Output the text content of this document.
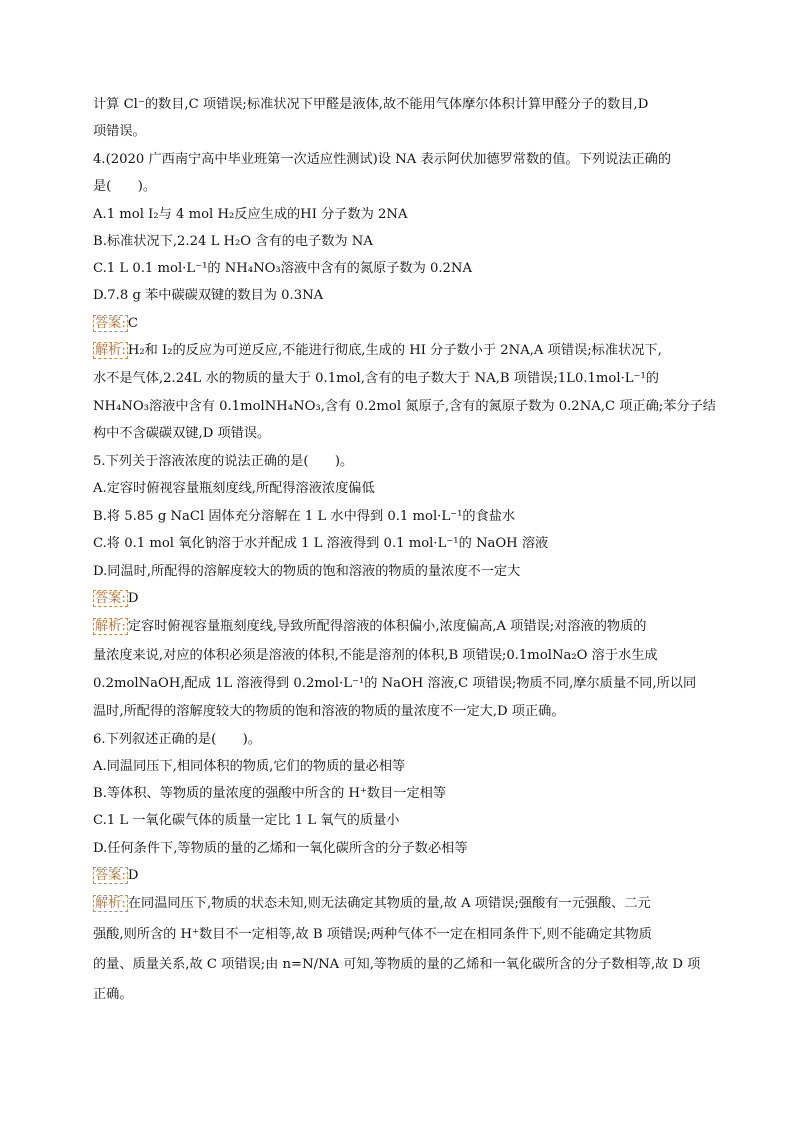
计算 Cl⁻的数目,C 项错误;标准状况下甲醛是液体,故不能用气体摩尔体积计算甲醛分子的数目,D
项错误。
4.(2020 广西南宁高中毕业班第一次适应性测试)设 NA 表示阿伏加德罗常数的值。下列说法正确的
是(　　)。
A.1 mol I₂与 4 mol H₂反应生成的HI 分子数为 2NA
B.标准状况下,2.24 L H₂O 含有的电子数为 NA
C.1 L 0.1 mol·L⁻¹的 NH₄NO₃溶液中含有的氮原子数为 0.2NA
D.7.8 g 苯中碳碳双键的数目为 0.3NA
答案: C
解析: H₂和 I₂的反应为可逆反应,不能进行彻底,生成的 HI 分子数小于 2NA,A 项错误;标准状况下,
水不是气体,2.24L 水的物质的量大于 0.1mol,含有的电子数大于 NA,B 项错误;1L0.1mol·L⁻¹的
NH₄NO₃溶液中含有 0.1molNH₄NO₃,含有 0.2mol 氮原子,含有的氮原子数为 0.2NA,C 项正确;苯分子结
构中不含碳碳双键,D 项错误。
5.下列关于溶液浓度的说法正确的是(　　)。
A.定容时俯视容量瓶刻度线,所配得溶液浓度偏低
B.将 5.85 g NaCl 固体充分溶解在 1 L 水中得到 0.1 mol·L⁻¹的食盐水
C.将 0.1 mol 氧化钠溶于水并配成 1 L 溶液得到 0.1 mol·L⁻¹的 NaOH 溶液
D.同温时,所配得的溶解度较大的物质的饱和溶液的物质的量浓度不一定大
答案: D
解析: 定容时俯视容量瓶刻度线,导致所配得溶液的体积偏小,浓度偏高,A 项错误;对溶液的物质的
量浓度来说,对应的体积必须是溶液的体积,不能是溶剂的体积,B 项错误;0.1molNa₂O 溶于水生成
0.2molNaOH,配成 1L 溶液得到 0.2mol·L⁻¹的 NaOH 溶液,C 项错误;物质不同,摩尔质量不同,所以同
温时,所配得的溶解度较大的物质的饱和溶液的物质的量浓度不一定大,D 项正确。
6.下列叙述正确的是(　　)。
A.同温同压下,相同体积的物质,它们的物质的量必相等
B.等体积、等物质的量浓度的强酸中所含的 H⁺数目一定相等
C.1 L 一氧化碳气体的质量一定比 1 L 氧气的质量小
D.任何条件下,等物质的量的乙烯和一氧化碳所含的分子数必相等
答案: D
解析: 在同温同压下,物质的状态未知,则无法确定其物质的量,故 A 项错误;强酸有一元强酸、二元
强酸,则所含的 H⁺数目不一定相等,故 B 项错误;两种气体不一定在相同条件下,则不能确定其物质
的量、质量关系,故 C 项错误;由 n=N/NA 可知,等物质的量的乙烯和一氧化碳所含的分子数相等,故 D 项
正确。
